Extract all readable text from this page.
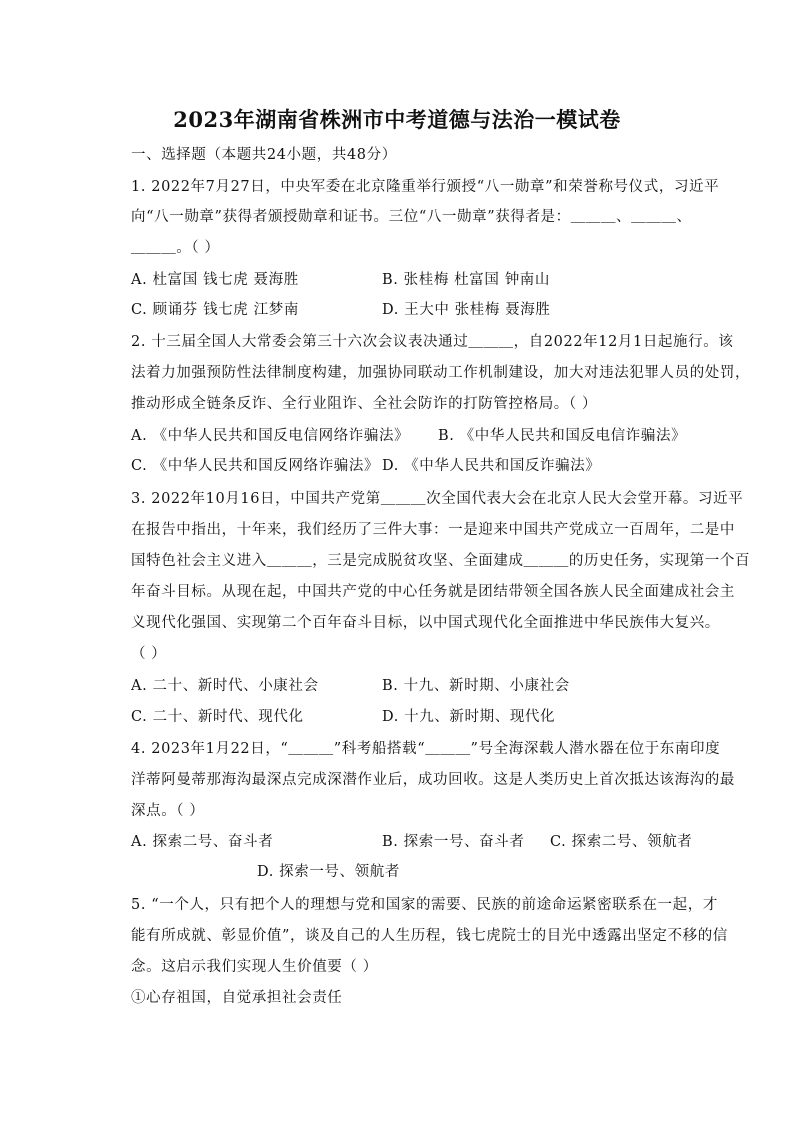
2023年湖南省株洲市中考道德与法治一模试卷
一、选择题（本题共24小题，共48分）
1. 2022年7月27日，中央军委在北京隆重举行颁授“八一勋章”和荣誉称号仪式，习近平
向“八一勋章”获得者颁授勋章和证书。三位“八一勋章”获得者是：＿＿＿、＿＿＿、
＿＿＿。（ ）
A. 杜富国 钱七虎 聂海胜	B. 张桂梅 杜富国 钟南山
C. 顾诵芬 钱七虎 江梦南	D. 王大中 张桂梅 聂海胜
2. 十三届全国人大常委会第三十六次会议表决通过＿＿＿，自2022年12月1日起施行。该
法着力加强预防性法律制度构建，加强协同联动工作机制建设，加大对违法犯罪人员的处罚，
推动形成全链条反诈、全行业阻诈、全社会防诈的打防管控格局。（ ）
A. 《中华人民共和国反电信网络诈骗法》 B. 《中华人民共和国反电信诈骗法》
C. 《中华人民共和国反网络诈骗法》 D. 《中华人民共和国反诈骗法》
3. 2022年10月16日，中国共产党第＿＿＿次全国代表大会在北京人民大会堂开幕。习近平
在报告中指出，十年来，我们经历了三件大事：一是迎来中国共产党成立一百周年，二是中
国特色社会主义进入＿＿＿，三是完成脱贫攻坚、全面建成＿＿＿的历史任务，实现第一个百
年奋斗目标。从现在起，中国共产党的中心任务就是团结带领全国各族人民全面建成社会主
义现代化强国、实现第二个百年奋斗目标，以中国式现代化全面推进中华民族伟大复兴。
（ ）
A. 二十、新时代、小康社会	B. 十九、新时期、小康社会
C. 二十、新时代、现代化	D. 十九、新时期、现代化
4. 2023年1月22日，“＿＿＿”科考船搭载“＿＿＿”号全海深载人潜水器在位于东南印度
洋蒂阿曼蒂那海沟最深点完成深潜作业后，成功回收。这是人类历史上首次抵达该海沟的最
深点。（ ）
A. 探索二号、奋斗者	B. 探索一号、奋斗者 C. 探索二号、领航者
D. 探索一号、领航者
5. “一个人，只有把个人的理想与党和国家的需要、民族的前途命运紧密联系在一起，才
能有所成就、彰显价值”，谈及自己的人生历程，钱七虎院士的目光中透露出坚定不移的信
念。这启示我们实现人生价值要（ ）
①心存祖国，自觉承担社会责任
